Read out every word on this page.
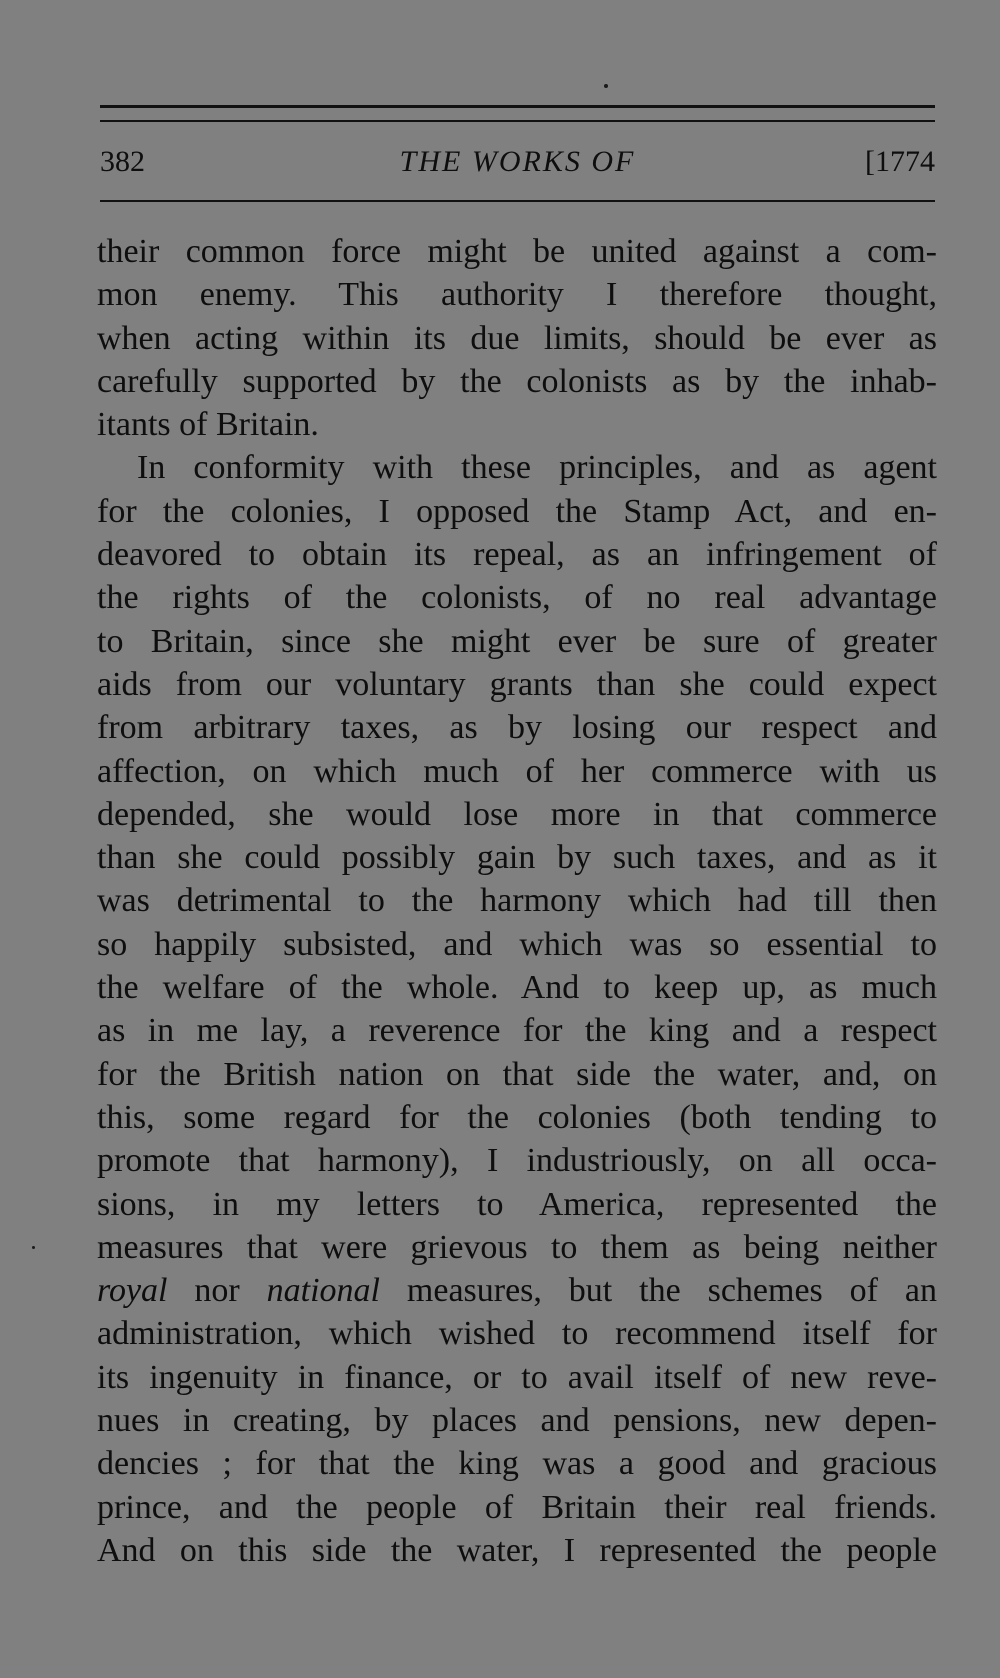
382	THE WORKS OF	[1774
their common force might be united against a com-
mon enemy. This authority I therefore thought,
when acting within its due limits, should be ever as
carefully supported by the colonists as by the inhab-
itants of Britain.
In conformity with these principles, and as agent
for the colonies, I opposed the Stamp Act, and en-
deavored to obtain its repeal, as an infringement of
the rights of the colonists, of no real advantage
to Britain, since she might ever be sure of greater
aids from our voluntary grants than she could expect
from arbitrary taxes, as by losing our respect and
affection, on which much of her commerce with us
depended, she would lose more in that commerce
than she could possibly gain by such taxes, and as it
was detrimental to the harmony which had till then
so happily subsisted, and which was so essential to
the welfare of the whole. And to keep up, as much
as in me lay, a reverence for the king and a respect
for the British nation on that side the water, and, on
this, some regard for the colonies (both tending to
promote that harmony), I industriously, on all occa-
sions, in my letters to America, represented the
measures that were grievous to them as being neither
royal nor national measures, but the schemes of an
administration, which wished to recommend itself for
its ingenuity in finance, or to avail itself of new reve-
nues in creating, by places and pensions, new depen-
dencies ; for that the king was a good and gracious
prince, and the people of Britain their real friends.
And on this side the water, I represented the people
